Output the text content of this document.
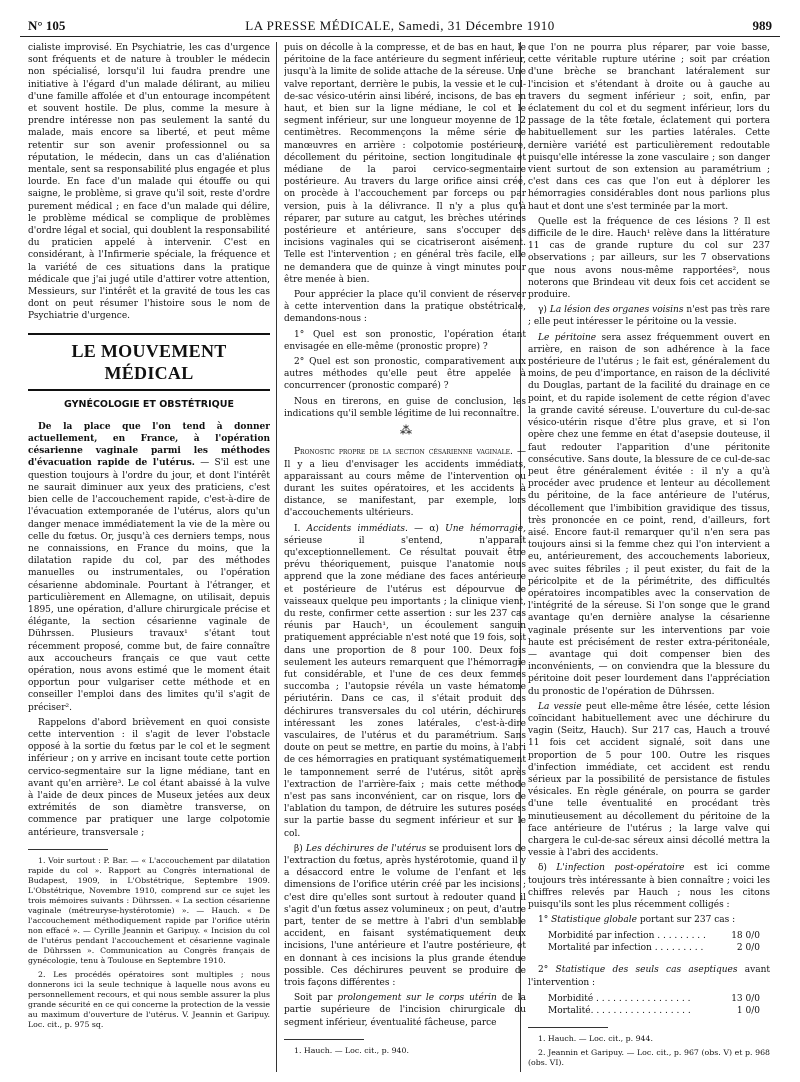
N° 105	LA PRESSE MÉDICALE, Samedi, 31 Décembre 1910	989

cialiste improvisé. En Psychiatrie, les cas d'urgence sont fréquents et de nature à troubler le médecin non spécialisé, lorsqu'il lui faudra prendre une initiative à l'égard d'un malade délirant, au milieu d'une famille affolée et d'un entourage incompétent et souvent hostile. De plus, comme la mesure à prendre intéresse non pas seulement la santé du malade, mais encore sa liberté, et peut même retentir sur son avenir professionnel ou sa réputation, le médecin, dans un cas d'aliénation mentale, sent sa responsabilité plus engagée et plus lourde. En face d'un malade qui étouffe ou qui saigne, le problème, si grave qu'il soit, reste d'ordre purement médical ; en face d'un malade qui délire, le problème médical se complique de problèmes d'ordre légal et social, qui doublent la responsabilité du praticien appelé à intervenir. C'est en considérant, à l'Infirmerie spéciale, la fréquence et la variété de ces situations dans la pratique médicale que j'ai jugé utile d'attirer votre attention, Messieurs, sur l'intérêt et la gravité de tous les cas dont on peut résumer l'histoire sous le nom de Psychiatrie d'urgence.

LE MOUVEMENT MÉDICAL
GYNÉCOLOGIE ET OBSTÉTRIQUE

De la place que l'on tend à donner actuellement, en France, à l'opération césarienne vaginale parmi les méthodes d'évacuation rapide de l'utérus. — S'il est une question toujours à l'ordre du jour, et dont l'intérêt ne saurait diminuer aux yeux des praticiens, c'est bien celle de l'accouchement rapide, c'est-à-dire de l'évacuation extemporanée de l'utérus, alors qu'un danger menace immédiatement la vie de la mère ou celle du fœtus. Or, jusqu'à ces derniers temps, nous ne connaissions, en France du moins, que la dilatation rapide du col, par des méthodes manuelles ou instrumentales, ou l'opération césarienne abdominale. Pourtant à l'étranger, et particulièrement en Allemagne, on utilisait, depuis 1895, une opération, d'allure chirurgicale précise et élégante, la section césarienne vaginale de Dührssen. Plusieurs travaux¹ s'étant tout récemment proposé, comme but, de faire connaître aux accoucheurs français ce que vaut cette opération, nous avons estimé que le moment était opportun pour vulgariser cette méthode et en conseiller l'emploi dans des limites qu'il s'agit de préciser².

Rappelons d'abord brièvement en quoi consiste cette intervention : il s'agit de lever l'obstacle opposé à la sortie du fœtus par le col et le segment inférieur ; on y arrive en incisant toute cette portion cervico-segmentaire sur la ligne médiane, tant en avant qu'en arrière³. Le col étant abaissé à la vulve à l'aide de deux pinces de Museux jetées aux deux extrémités de son diamètre transverse, on commence par pratiquer une large colpotomie antérieure, transversale ;

1. Voir surtout : P. Bar. — « L'accouchement par dilatation rapide du col ». Rapport au Congrès international de Budapest, 1909, in L'Obstétrique, Septembre 1909. L'Obstétrique, Novembre 1910, comprend sur ce sujet les trois mémoires suivants : Dührssen. « La section césarienne vaginale (métreuryse-hystérotomie) ». — Hauch. « De l'accouchement méthodiquement rapide par l'orifice utérin non effacé ». — Cyrille Jeannin et Garipuy. « Incision du col de l'utérus pendant l'accouchement et césarienne vaginale de Dührssen ». Communication au Congrès français de gynécologie, tenu à Toulouse en Septembre 1910.

2. Les procédés opératoires sont multiples ; nous donnerons ici la seule technique à laquelle nous avons eu personnellement recours, et qui nous semble assurer la plus grande sécurité en ce qui concerne la protection de la vessie au maximum d'ouverture de l'utérus. V. Jeannin et Garipuy. Loc. cit., p. 975 sq.

puis on décolle à la compresse, et de bas en haut, le péritoine de la face antérieure du segment inférieur, jusqu'à la limite de solide attache de la séreuse. Une valve reportant, derrière le pubis, la vessie et le cul-de-sac vésico-utérin ainsi libéré, incisons, de bas en haut, et bien sur la ligne médiane, le col et le segment inférieur, sur une longueur moyenne de 12 centimètres. Recommençons la même série de manœuvres en arrière : colpotomie postérieure, décollement du péritoine, section longitudinale et médiane de la paroi cervico-segmentaire postérieure. Au travers du large orifice ainsi créé, on procède à l'accouchement par forceps ou par version, puis à la délivrance. Il n'y a plus qu'à réparer, par suture au catgut, les brèches utérines postérieure et antérieure, sans s'occuper des incisions vaginales qui se cicatriseront aisément. Telle est l'intervention ; en général très facile, elle ne demandera que de quinze à vingt minutes pour être menée à bien.

Pour apprécier la place qu'il convient de réserver à cette intervention dans la pratique obstétricale, demandons-nous :

1° Quel est son pronostic, l'opération étant envisagée en elle-même (pronostic propre) ?

2° Quel est son pronostic, comparativement aux autres méthodes qu'elle peut être appelée à concurrencer (pronostic comparé) ?

Nous en tirerons, en guise de conclusion, les indications qu'il semble légitime de lui reconnaître.

⁂

Pronostic propre de la section césarienne vaginale. — Il y a lieu d'envisager les accidents immédiats, apparaissant au cours même de l'intervention ou durant les suites opératoires, et les accidents à distance, se manifestant, par exemple, lors d'accouchements ultérieurs.

I. Accidents immédiats. — α) Une hémorragie, sérieuse il s'entend, n'apparaît qu'exceptionnellement. Ce résultat pouvait être prévu théoriquement, puisque l'anatomie nous apprend que la zone médiane des faces antérieure et postérieure de l'utérus est dépourvue de vaisseaux quelque peu importants ; la clinique vient, du reste, confirmer cette assertion : sur les 237 cas réunis par Hauch¹, un écoulement sanguin pratiquement appréciable n'est noté que 19 fois, soit dans une proportion de 8 pour 100. Deux fois seulement les auteurs remarquent que l'hémorragie fut considérable, et l'une de ces deux femmes succomba ; l'autopsie révéla un vaste hématome périutérin. Dans ce cas, il s'était produit des déchirures transversales du col utérin, déchirures intéressant les zones latérales, c'est-à-dire vasculaires, de l'utérus et du paramétrium. Sans doute on peut se mettre, en partie du moins, à l'abri de ces hémorragies en pratiquant systématiquement le tamponnement serré de l'utérus, sitôt après l'extraction de l'arrière-faix ; mais cette méthode n'est pas sans inconvénient, car on risque, lors de l'ablation du tampon, de détruire les sutures posées sur la partie basse du segment inférieur et sur le col.

β) Les déchirures de l'utérus se produisent lors de l'extraction du fœtus, après hystérotomie, quand il y a désaccord entre le volume de l'enfant et les dimensions de l'orifice utérin créé par les incisions ; c'est dire qu'elles sont surtout à redouter quand il s'agit d'un fœtus assez volumineux ; on peut, d'autre part, tenter de se mettre à l'abri d'un semblable accident, en faisant systématiquement deux incisions, l'une antérieure et l'autre postérieure, et en donnant à ces incisions la plus grande étendue possible. Ces déchirures peuvent se produire de trois façons différentes :

Soit par prolongement sur le corps utérin de la partie supérieure de l'incision chirurgicale du segment inférieur, éventualité fâcheuse, parce

1. Hauch. — Loc. cit., p. 940.

que l'on ne pourra plus réparer, par voie basse, cette véritable rupture utérine ; soit par création d'une brèche se branchant latéralement sur l'incision et s'étendant à droite ou à gauche au travers du segment inférieur ; soit, enfin, par éclatement du col et du segment inférieur, lors du passage de la tête fœtale, éclatement qui portera habituellement sur les parties latérales. Cette dernière variété est particulièrement redoutable puisqu'elle intéresse la zone vasculaire ; son danger vient surtout de son extension au paramétrium ; c'est dans ces cas que l'on eut à déplorer les hémorragies considérables dont nous parlions plus haut et dont une s'est terminée par la mort.

Quelle est la fréquence de ces lésions ? Il est difficile de le dire. Hauch¹ relève dans la littérature 11 cas de grande rupture du col sur 237 observations ; par ailleurs, sur les 7 observations que nous avons nous-même rapportées², nous noterons que Brindeau vit deux fois cet accident se produire.

γ) La lésion des organes voisins n'est pas très rare ; elle peut intéresser le péritoine ou la vessie.

Le péritoine sera assez fréquemment ouvert en arrière, en raison de son adhérence à la face postérieure de l'utérus ; le fait est, généralement du moins, de peu d'importance, en raison de la déclivité du Douglas, partant de la facilité du drainage en ce point, et du rapide isolement de cette région d'avec la grande cavité séreuse. L'ouverture du cul-de-sac vésico-utérin risque d'être plus grave, et si l'on opère chez une femme en état d'asepsie douteuse, il faut redouter l'apparition d'une péritonite consécutive. Sans doute, la blessure de ce cul-de-sac peut être généralement évitée : il n'y a qu'à procéder avec prudence et lenteur au décollement du péritoine, de la face antérieure de l'utérus, décollement que l'imbibition gravidique des tissus, très prononcée en ce point, rend, d'ailleurs, fort aisé. Encore faut-il remarquer qu'il n'en sera pas toujours ainsi si la femme chez qui l'on intervient a eu, antérieurement, des accouchements laborieux, avec suites fébriles ; il peut exister, du fait de la péricolpite et de la périmétrite, des difficultés opératoires incompatibles avec la conservation de l'intégrité de la séreuse. Si l'on songe que le grand avantage qu'en dernière analyse la césarienne vaginale présente sur les interventions par voie haute est précisément de rester extra-péritonéale, — avantage qui doit compenser bien des inconvénients, — on conviendra que la blessure du péritoine doit peser lourdement dans l'appréciation du pronostic de l'opération de Dührssen.

La vessie peut elle-même être lésée, cette lésion coïncidant habituellement avec une déchirure du vagin (Seitz, Hauch). Sur 217 cas, Hauch a trouvé 11 fois cet accident signalé, soit dans une proportion de 5 pour 100. Outre les risques d'infection immédiate, cet accident est rendu sérieux par la possibilité de persistance de fistules vésicales. En règle générale, on pourra se garder d'une telle éventualité en procédant très minutieusement au décollement du péritoine de la face antérieure de l'utérus ; la large valve qui chargera le cul-de-sac séreux ainsi décollé mettra la vessie à l'abri des accidents.

δ) L'infection post-opératoire est ici comme toujours très intéressante à bien connaître ; voici les chiffres relevés par Hauch ; nous les citons puisqu'ils sont les plus récemment colligés :

1° Statistique globale portant sur 237 cas :

Morbidité par infection . . . . . . . . .	18 0/0
Mortalité par infection . . . . . . . . .	2 0/0

2° Statistique des seuls cas aseptiques avant l'intervention :

Morbidité . . . . . . . . . . . . . . . . .	13 0/0
Mortalité. . . . . . . . . . . . . . . . . .	1 0/0

1. Hauch. — Loc. cit., p. 944.

2. Jeannin et Garipuy. — Loc. cit., p. 967 (obs. V) et p. 968 (obs. VI).
